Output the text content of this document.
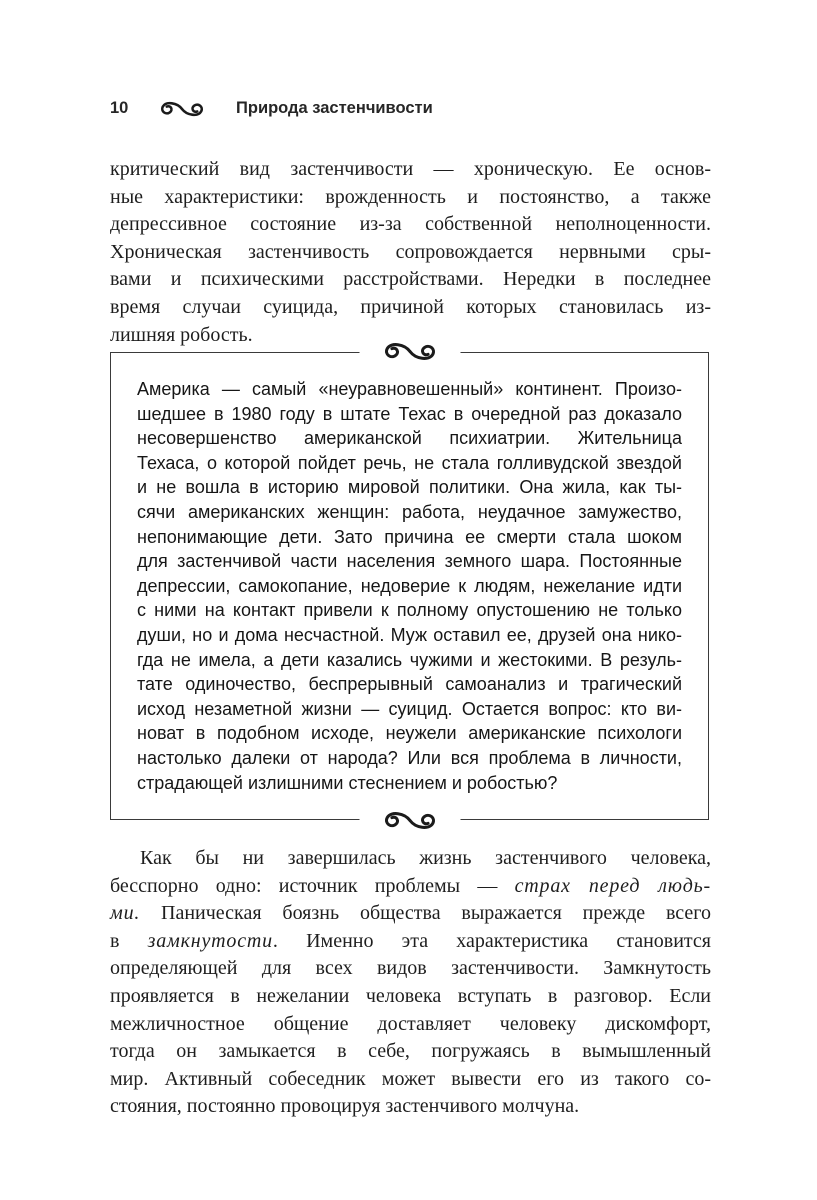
10	Природа застенчивости
критический вид застенчивости — хроническую. Ее основ-
ные характеристики: врожденность и постоянство, а также
депрессивное состояние из-за собственной неполноценности.
Хроническая застенчивость сопровождается нервными сры-
вами и психическими расстройствами. Нередки в последнее
время случаи суицида, причиной которых становилась из-
лишняя робость.
Америка — самый «неуравновешенный» континент. Произо-
шедшее в 1980 году в штате Техас в очередной раз доказало
несовершенство американской психиатрии. Жительница
Техаса, о которой пойдет речь, не стала голливудской звездой
и не вошла в историю мировой политики. Она жила, как ты-
сячи американских женщин: работа, неудачное замужество,
непонимающие дети. Зато причина ее смерти стала шоком
для застенчивой части населения земного шара. Постоянные
депрессии, самокопание, недоверие к людям, нежелание идти
с ними на контакт привели к полному опустошению не только
души, но и дома несчастной. Муж оставил ее, друзей она нико-
гда не имела, а дети казались чужими и жестокими. В резуль-
тате одиночество, беспрерывный самоанализ и трагический
исход незаметной жизни — суицид. Остается вопрос: кто ви-
новат в подобном исходе, неужели американские психологи
настолько далеки от народа? Или вся проблема в личности,
страдающей излишними стеснением и робостью?
Как бы ни завершилась жизнь застенчивого человека,
бесспорно одно: источник проблемы — страх перед людь-
ми. Паническая боязнь общества выражается прежде всего
в замкнутости. Именно эта характеристика становится
определяющей для всех видов застенчивости. Замкнутость
проявляется в нежелании человека вступать в разговор. Если
межличностное общение доставляет человеку дискомфорт,
тогда он замыкается в себе, погружаясь в вымышленный
мир. Активный собеседник может вывести его из такого со-
стояния, постоянно провоцируя застенчивого молчуна.
